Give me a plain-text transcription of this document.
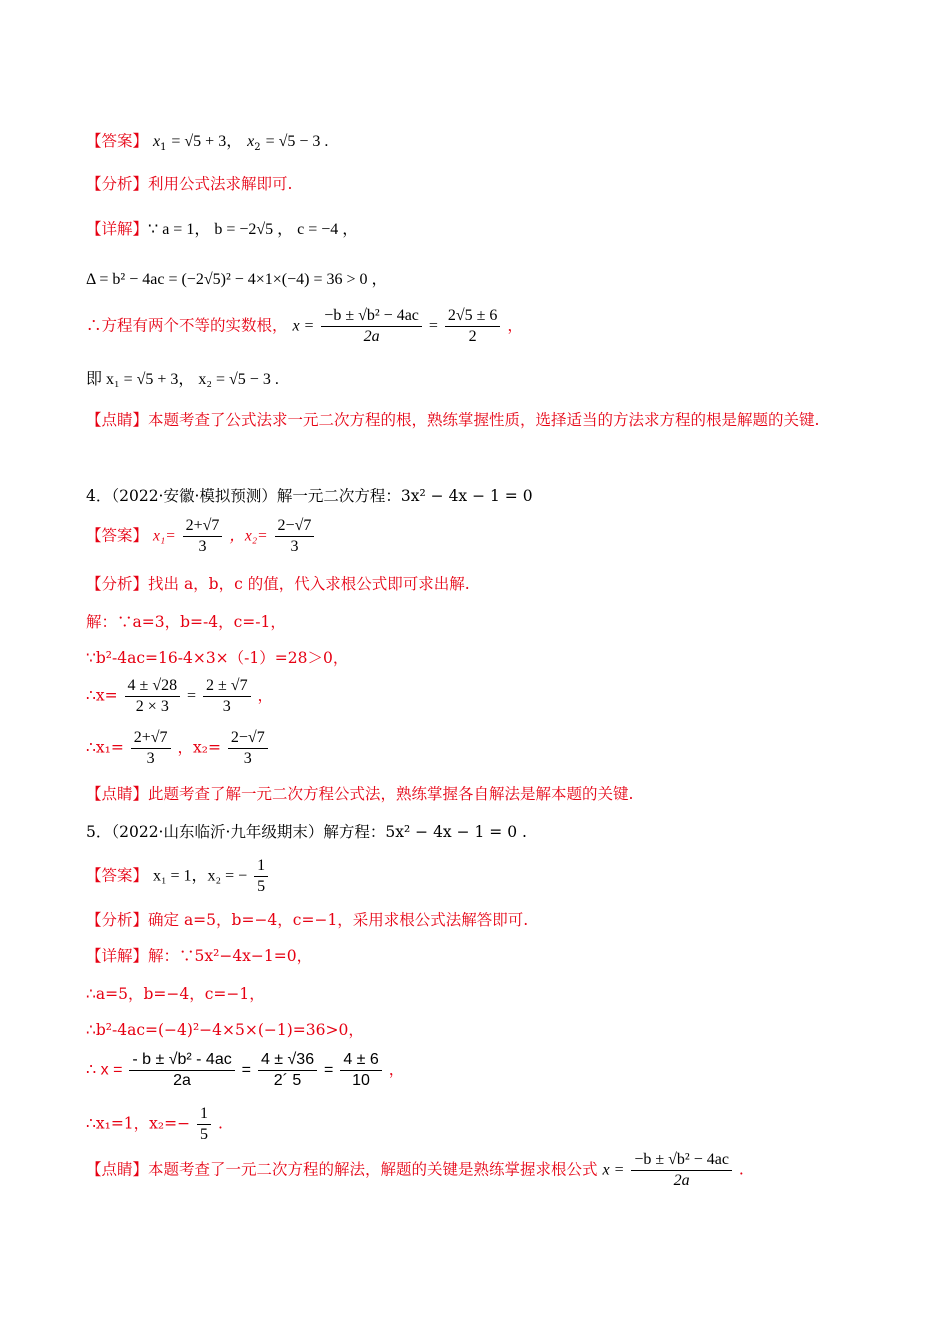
【答案】 $x_1 = √5 + 3$， $x_2 = √5 - 3$ .
【分析】利用公式法求解即可.
【详解】∵ a = 1， b = −2√5 ， c = −4 ，
Δ = b² − 4ac = (−2√5)² − 4×1×(−4) = 36 > 0 ，
∴方程有两个不等的实数根， $x = \frac{\text{−b ± √b² − 4ac}}{2a} = \frac{2√5 \pm 6}{2}$ ，
即 x₁ = √5 + 3， x₂ = √5 − 3 .
【点睛】本题考查了公式法求一元二次方程的根，熟练掌握性质，选择适当的方法求方程的根是解题的关键.
4．（2022·安徽·模拟预测）解一元二次方程：3x² − 4x − 1 = 0
【答案】 $x_1= \frac{2+√7}{3}$ ，$x_2= \frac{2-√7}{3}$
【分析】找出 a，b，c 的值，代入求根公式即可求出解.
解：∵a=3，b=-4，c=-1，
∵b²-4ac=16-4×3×（-1）=28＞0，
∴x= $\frac{4 \pm √28}{2 \times 3} = \frac{2 \pm √7}{3}$ ，
∴x₁= $\frac{2+√7}{3}$ ，$x_2= \frac{2-√7}{3}$
【点睛】此题考查了解一元二次方程公式法，熟练掌握各自解法是解本题的关键.
5．（2022·山东临沂·九年级期末）解方程：5x² − 4x − 1 = 0 .
【答案】 x₁ = 1，x₂ = − $\frac{1}{5}$
【分析】确定 a=5，b=−4，c=−1，采用求根公式法解答即可.
【详解】解：∵5x²−4x−1=0，
∴a=5，b=−4，c=−1，
∴b²-4ac=(−4)²−4×5×(−1)=36>0，
∴ $x = \frac{\text{- b ± √b² - 4ac}}{2a} = \frac{4 \pm √36}{2´ 5} = \frac{4 \pm 6}{10}$ ，
∴x₁=1，$x_2=- \frac{1}{5}$ .
【点睛】本题考查了一元二次方程的解法，解题的关键是熟练掌握求根公式 $x = \frac{\text{−b ± √b² − 4ac}}{2a}$ .
